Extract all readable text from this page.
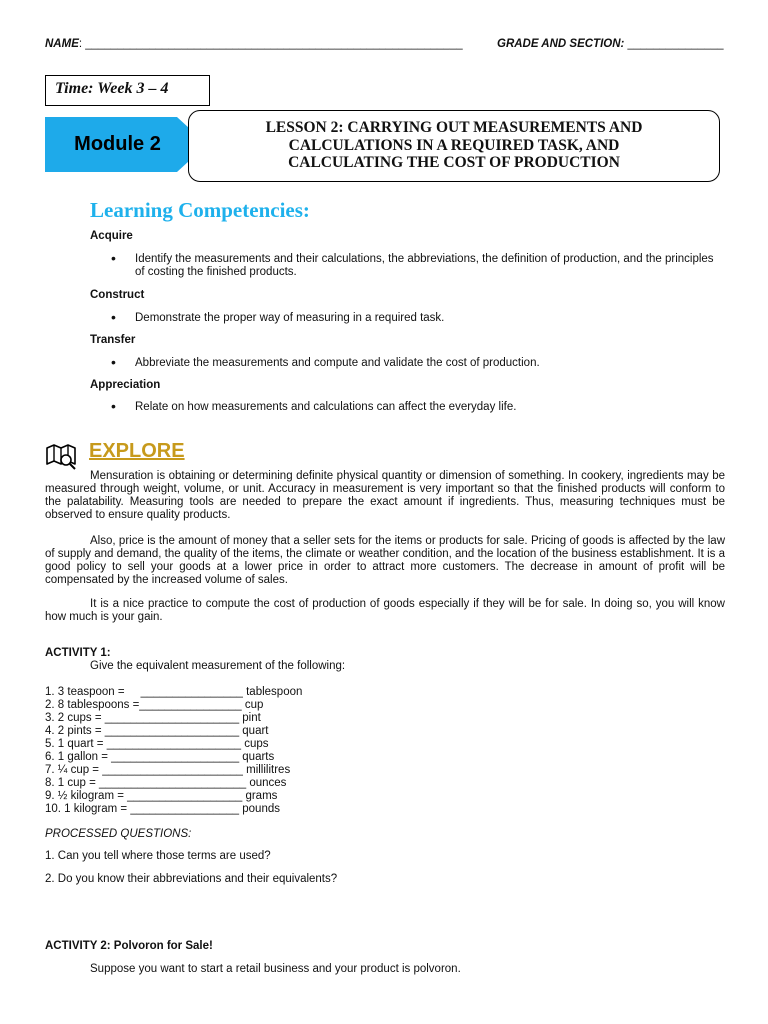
NAME: ___________________________________________________________	GRADE AND SECTION: _______________
Time: Week 3 – 4
Module 2
LESSON 2: CARRYING OUT MEASUREMENTS AND
CALCULATIONS IN A REQUIRED TASK, AND
CALCULATING THE COST OF PRODUCTION
Learning Competencies:
Acquire
• Identify the measurements and their calculations, the abbreviations, the definition of production, and the principles of costing the finished products.
Construct
• Demonstrate the proper way of measuring in a required task.
Transfer
• Abbreviate the measurements and compute and validate the cost of production.
Appreciation
• Relate on how measurements and calculations can affect the everyday life.
EXPLORE
Mensuration is obtaining or determining definite physical quantity or dimension of something. In cookery, ingredients may be measured through weight, volume, or unit. Accuracy in measurement is very important so that the finished products will conform to the palatability. Measuring tools are needed to prepare the exact amount if ingredients. Thus, measuring techniques must be observed to ensure quality products.
Also, price is the amount of money that a seller sets for the items or products for sale. Pricing of goods is affected by the law of supply and demand, the quality of the items, the climate or weather condition, and the location of the business establishment. It is a good policy to sell your goods at a lower price in order to attract more customers. The decrease in amount of profit will be compensated by the increased volume of sales.
It is a nice practice to compute the cost of production of goods especially if they will be for sale. In doing so, you will know how much is your gain.
ACTIVITY 1:
Give the equivalent measurement of the following:
1. 3 teaspoon =     ________________ tablespoon
2. 8 tablespoons =________________ cup
3. 2 cups = _____________________ pint
4. 2 pints = _____________________ quart
5. 1 quart = _____________________ cups
6. 1 gallon = ____________________ quarts
7. ¼ cup = ______________________ millilitres
8. 1 cup = _______________________ ounces
9. ½ kilogram = __________________ grams
10. 1 kilogram = _________________ pounds
PROCESSED QUESTIONS:
1. Can you tell where those terms are used?
2. Do you know their abbreviations and their equivalents?
ACTIVITY 2: Polvoron for Sale!
Suppose you want to start a retail business and your product is polvoron.
